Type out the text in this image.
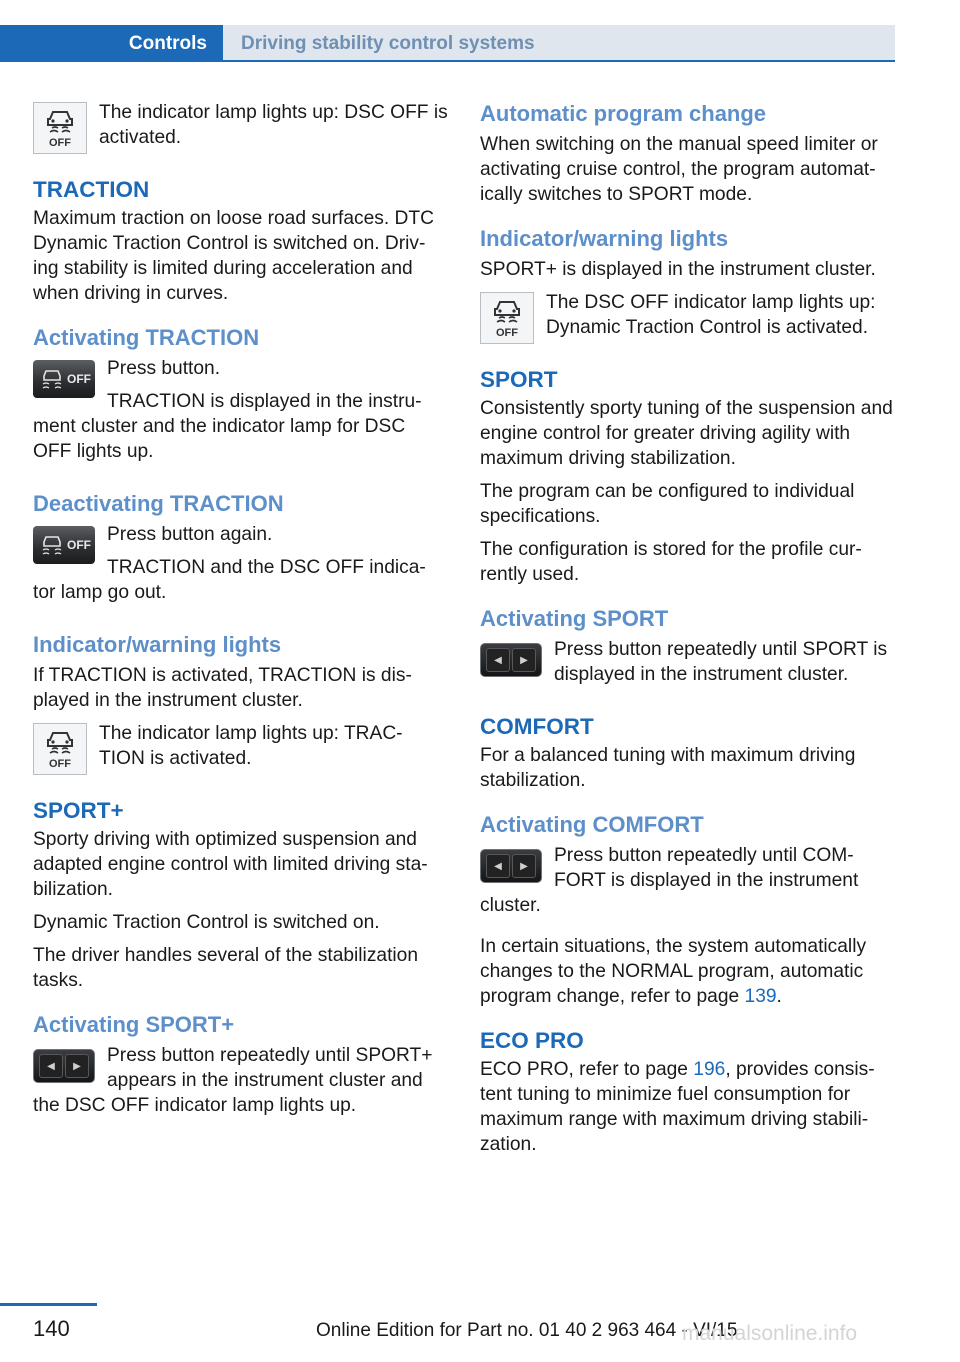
Controls Driving stability control systems
OFF

The indicator lamp lights up: DSC OFF is activated.

TRACTION

Maximum traction on loose road surfaces. DTC Dynamic Traction Control is switched on. Driv‑ ing stability is limited during acceleration and when driving in curves.

Activating TRACTION
OFF Press button.

TRACTION is displayed in the instru‑ ment cluster and the indicator lamp for DSC OFF lights up.

Deactivating TRACTION
OFF Press button again.

TRACTION and the DSC OFF indica‑ tor lamp go out.

Indicator/warning lights

If TRACTION is activated, TRACTION is dis‑ played in the instrument cluster.

OFF

The indicator lamp lights up: TRAC‑ TION is activated.

SPORT+

Sporty driving with optimized suspension and adapted engine control with limited driving sta‑ bilization.

Dynamic Traction Control is switched on.

The driver handles several of the stabilization tasks.

Activating SPORT+
◀	▶	Press button repeatedly until SPORT+ appears in the instrument cluster and the DSC OFF indicator lamp lights up.

Automatic program change

When switching on the manual speed limiter or activating cruise control, the program automat‑ ically switches to SPORT mode.

Indicator/warning lights

SPORT+ is displayed in the instrument cluster.

OFF

The DSC OFF indicator lamp lights up: Dynamic Traction Control is activated.

SPORT

Consistently sporty tuning of the suspension and engine control for greater driving agility with maximum driving stabilization.

The program can be configured to individual specifications.

The configuration is stored for the profile cur‑ rently used.

Activating SPORT
◀	▶	Press button repeatedly until SPORT is displayed in the instrument cluster.

COMFORT

For a balanced tuning with maximum driving stabilization.

Activating COMFORT
◀	▶	Press button repeatedly until COM‑ FORT is displayed in the instrument cluster.

In certain situations, the system automatically changes to the NORMAL program, automatic program change, refer to page 139.

ECO PRO

ECO PRO, refer to page 196, provides consis‑ tent tuning to minimize fuel consumption for maximum range with maximum driving stabili‑ zation.

140	Online Edition for Part no. 01 40 2 963 464 - VI/15
manualsonline.info
